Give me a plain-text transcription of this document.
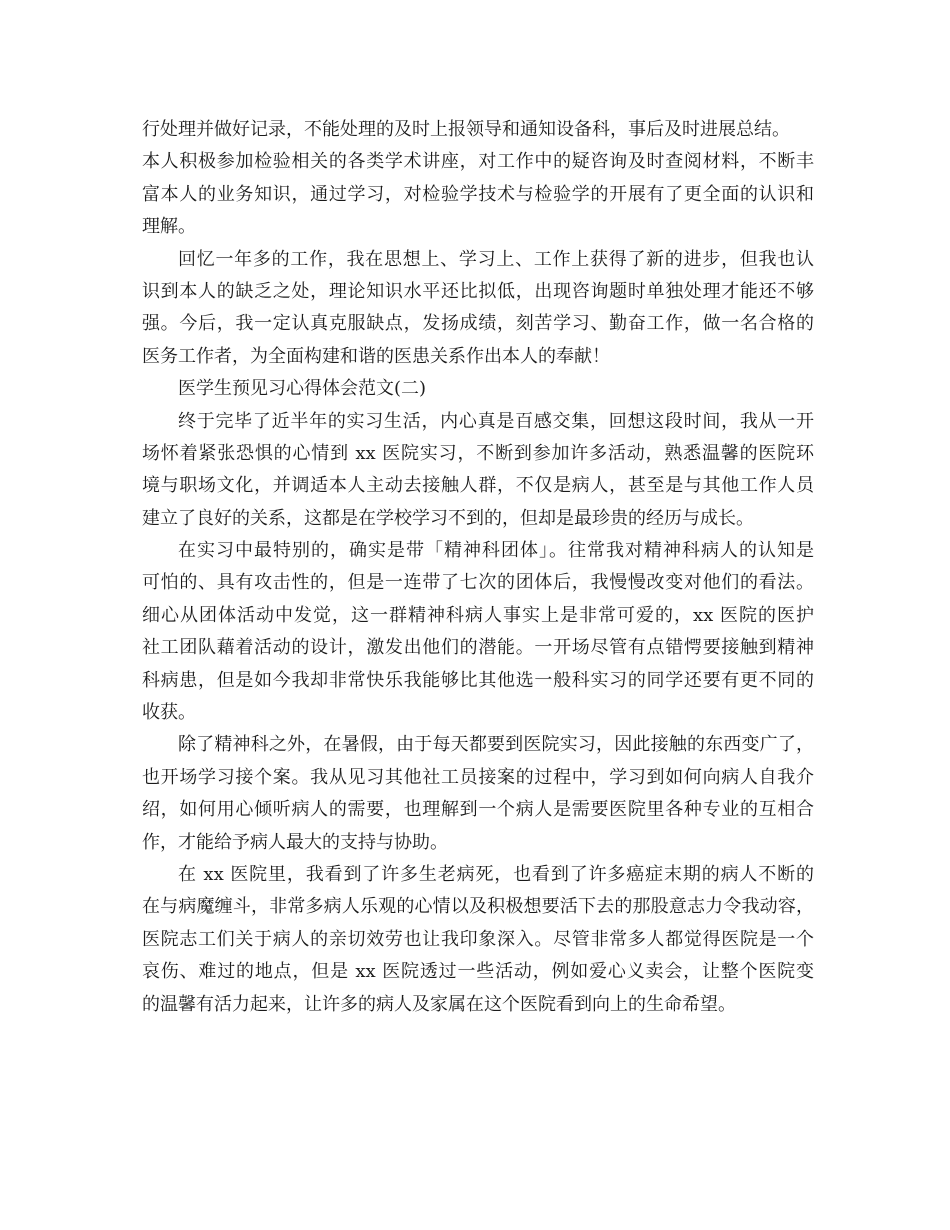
行处理并做好记录，不能处理的及时上报领导和通知设备科，事后及时进展总结。
本人积极参加检验相关的各类学术讲座，对工作中的疑咨询及时查阅材料，不断丰
富本人的业务知识，通过学习，对检验学技术与检验学的开展有了更全面的认识和
理解。
回忆一年多的工作，我在思想上、学习上、工作上获得了新的进步，但我也认
识到本人的缺乏之处，理论知识水平还比拟低，出现咨询题时单独处理才能还不够
强。今后，我一定认真克服缺点，发扬成绩，刻苦学习、勤奋工作，做一名合格的
医务工作者，为全面构建和谐的医患关系作出本人的奉献！
医学生预见习心得体会范文(二)
终于完毕了近半年的实习生活，内心真是百感交集，回想这段时间，我从一开
场怀着紧张恐惧的心情到 xx 医院实习，不断到参加许多活动，熟悉温馨的医院环
境与职场文化，并调适本人主动去接触人群，不仅是病人，甚至是与其他工作人员
建立了良好的关系，这都是在学校学习不到的，但却是最珍贵的经历与成长。
在实习中最特别的，确实是带「精神科团体」。往常我对精神科病人的认知是
可怕的、具有攻击性的，但是一连带了七次的团体后，我慢慢改变对他们的看法。
细心从团体活动中发觉，这一群精神科病人事实上是非常可爱的，xx 医院的医护
社工团队藉着活动的设计，激发出他们的潜能。一开场尽管有点错愕要接触到精神
科病患，但是如今我却非常快乐我能够比其他选一般科实习的同学还要有更不同的
收获。
除了精神科之外，在暑假，由于每天都要到医院实习，因此接触的东西变广了，
也开场学习接个案。我从见习其他社工员接案的过程中，学习到如何向病人自我介
绍，如何用心倾听病人的需要，也理解到一个病人是需要医院里各种专业的互相合
作，才能给予病人最大的支持与协助。
在 xx 医院里，我看到了许多生老病死，也看到了许多癌症末期的病人不断的
在与病魔缠斗，非常多病人乐观的心情以及积极想要活下去的那股意志力令我动容，
医院志工们关于病人的亲切效劳也让我印象深入。尽管非常多人都觉得医院是一个
哀伤、难过的地点，但是 xx 医院透过一些活动，例如爱心义卖会，让整个医院变
的温馨有活力起来，让许多的病人及家属在这个医院看到向上的生命希望。
